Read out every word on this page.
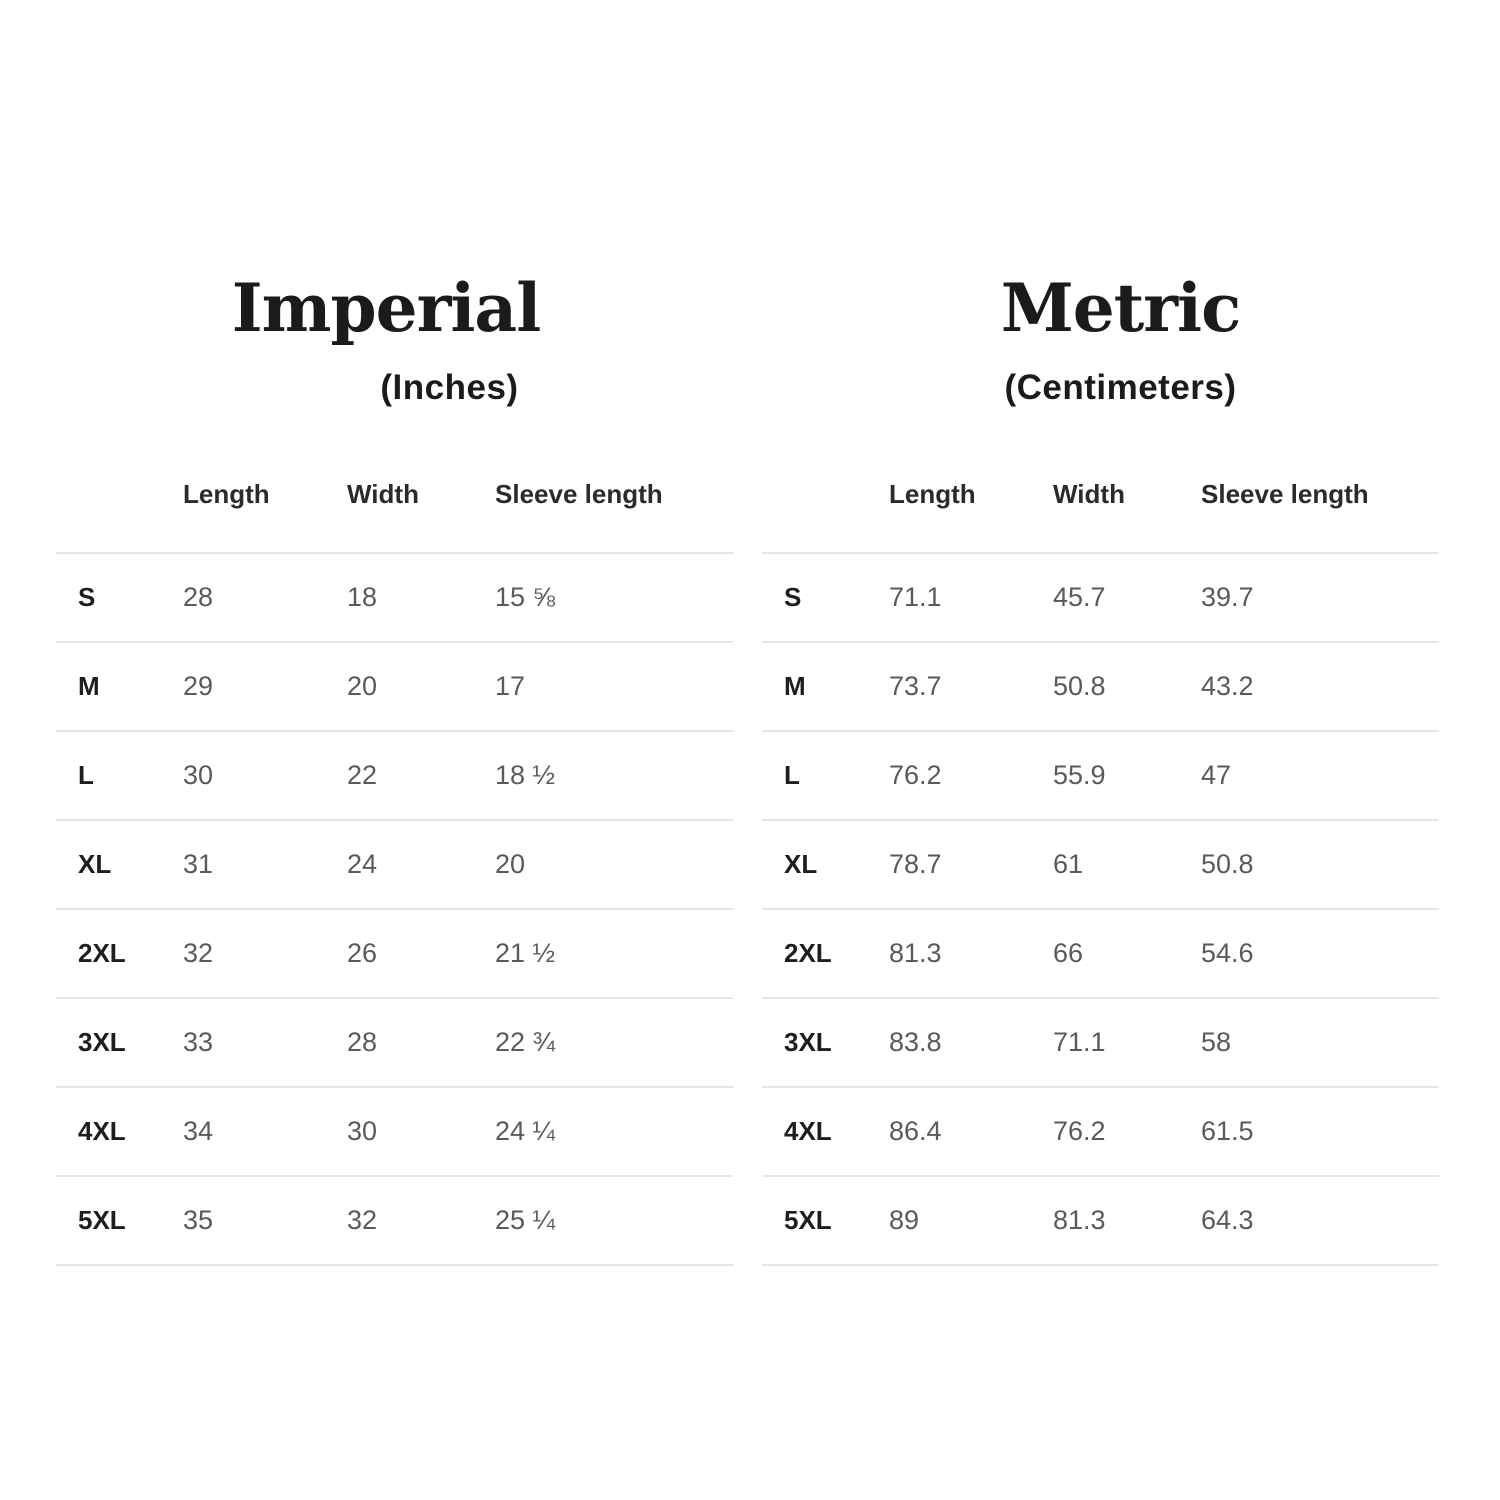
Imperial
(Inches)
	Length	Width	Sleeve length
S	28	18	15 ⅝
M	29	20	17
L	30	22	18 ½
XL	31	24	20
2XL	32	26	21 ½
3XL	33	28	22 ¾
4XL	34	30	24 ¼
5XL	35	32	25 ¼
Metric
(Centimeters)
	Length	Width	Sleeve length
S	71.1	45.7	39.7
M	73.7	50.8	43.2
L	76.2	55.9	47
XL	78.7	61	50.8
2XL	81.3	66	54.6
3XL	83.8	71.1	58
4XL	86.4	76.2	61.5
5XL	89	81.3	64.3
